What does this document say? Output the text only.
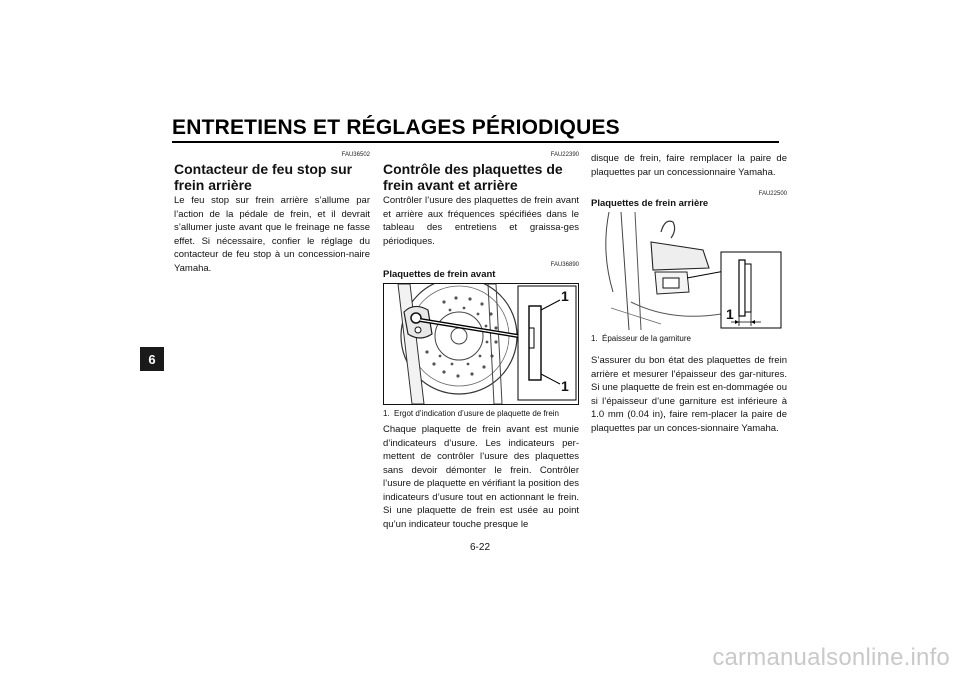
ENTRETIENS ET RÉGLAGES PÉRIODIQUES
6
FAU36502
Contacteur de feu stop sur frein arrière

Le feu stop sur frein arrière s’allume par l’action de la pédale de frein, et il devrait s’allumer juste avant que le freinage ne fasse effet. Si nécessaire, confier le réglage du contacteur de feu stop à un concession-naire Yamaha.

FAU22390
Contrôle des plaquettes de frein avant et arrière

Contrôler l’usure des plaquettes de frein avant et arrière aux fréquences spécifiées dans le tableau des entretiens et graissa-ges périodiques.

FAU36890
Plaquettes de frein avant
1
1
1. Ergot d’indication d’usure de plaquette de frein

Chaque plaquette de frein avant est munie d’indicateurs d’usure. Les indicateurs per-mettent de contrôler l’usure des plaquettes sans devoir démonter le frein. Contrôler l’usure de plaquette en vérifiant la position des indicateurs d’usure tout en actionnant le frein. Si une plaquette de frein est usée au point qu’un indicateur touche presque le

disque de frein, faire remplacer la paire de plaquettes par un concessionnaire Yamaha.

FAU22500
Plaquettes de frein arrière
1
1. Épaisseur de la garniture

S’assurer du bon état des plaquettes de frein arrière et mesurer l’épaisseur des gar-nitures. Si une plaquette de frein est en-dommagée ou si l’épaisseur d’une garniture est inférieure à 1.0 mm (0.04 in), faire rem-placer la paire de plaquettes par un conces-sionnaire Yamaha.

6-22
carmanualsonline.info
